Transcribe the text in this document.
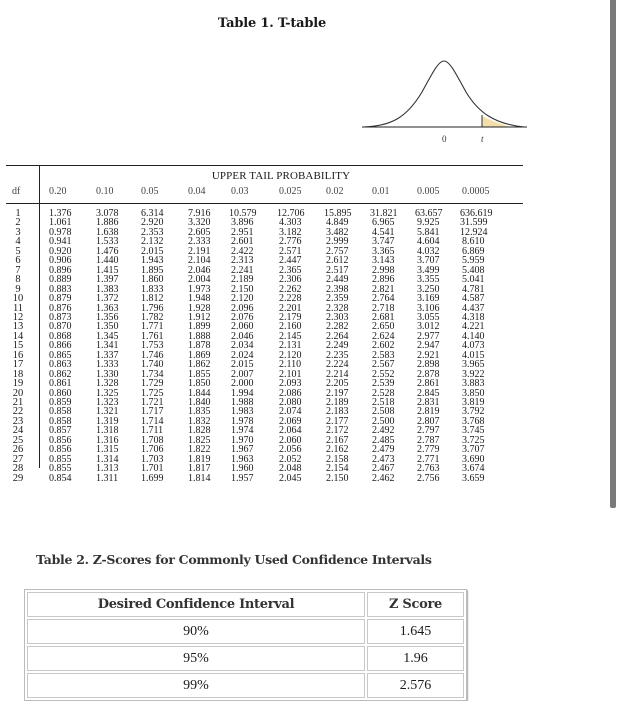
Table 1. T-table
0	t
UPPER TAIL PROBABILITY
df	0.20	0.10	0.05	0.04	0.03	0.025 0.02	0.01	0.005 0.0005
1	1.376 3.078 6.314 7.916 10.579 12.706 15.895 31.821 63.657 636.619
2	1.061 1.886 2.920 3.320 3.896	4.303 4.849 6.965 9.925 31.599
3	0.978 1.638 2.353 2.605 2.951	3.182 3.482 4.541 5.841 12.924
4	0.941 1.533 2.132 2.333 2.601	2.776 2.999 3.747 4.604 8.610
5	0.920 1.476 2.015 2.191 2.422	2.571 2.757 3.365 4.032 6.869
6	0.906 1.440 1.943 2.104 2.313	2.447 2.612 3.143 3.707 5.959
7	0.896 1.415 1.895 2.046 2.241	2.365 2.517 2.998 3.499 5.408
8	0.889 1.397 1.860 2.004 2.189	2.306 2.449 2.896 3.355 5.041
9	0.883 1.383 1.833 1.973 2.150	2.262 2.398 2.821 3.250 4.781
10	0.879 1.372 1.812 1.948 2.120	2.228 2.359 2.764 3.169 4.587
11	0.876 1.363 1.796 1.928 2.096	2.201 2.328 2.718 3.106 4.437
12	0.873 1.356 1.782 1.912 2.076	2.179 2.303 2.681 3.055 4.318
13	0.870 1.350 1.771 1.899 2.060	2.160 2.282 2.650 3.012 4.221
14	0.868 1.345 1.761 1.888 2.046	2.145 2.264 2.624 2.977 4.140
15	0.866 1.341 1.753 1.878 2.034	2.131 2.249 2.602 2.947 4.073
16	0.865 1.337 1.746 1.869 2.024	2.120 2.235 2.583 2.921 4.015
17	0.863 1.333 1.740 1.862 2.015	2.110 2.224 2.567 2.898 3.965
18	0.862 1.330 1.734 1.855 2.007	2.101 2.214 2.552 2.878 3.922
19	0.861 1.328 1.729 1.850 2.000	2.093 2.205 2.539 2.861 3.883
20	0.860 1.325 1.725 1.844 1.994	2.086 2.197 2.528 2.845 3.850
21	0.859 1.323 1.721 1.840 1.988	2.080 2.189 2.518 2.831 3.819
22	0.858 1.321 1.717 1.835 1.983	2.074 2.183 2.508 2.819 3.792
23	0.858 1.319 1.714 1.832 1.978	2.069 2.177 2.500 2.807 3.768
24	0.857 1.318 1.711 1.828 1.974	2.064 2.172 2.492 2.797 3.745
25	0.856 1.316 1.708 1.825 1.970	2.060 2.167 2.485 2.787 3.725
26	0.856 1.315 1.706 1.822 1.967	2.056 2.162 2.479 2.779 3.707
27	0.855 1.314 1.703 1.819 1.963	2.052 2.158 2.473 2.771 3.690
28	0.855 1.313 1.701 1.817 1.960	2.048 2.154 2.467 2.763 3.674
29	0.854 1.311 1.699 1.814 1.957	2.045 2.150 2.462 2.756 3.659
Table 2. Z-Scores for Commonly Used Confidence Intervals
Desired Confidence Interval	Z Score
90%	1.645
95%	1.96
99%	2.576
